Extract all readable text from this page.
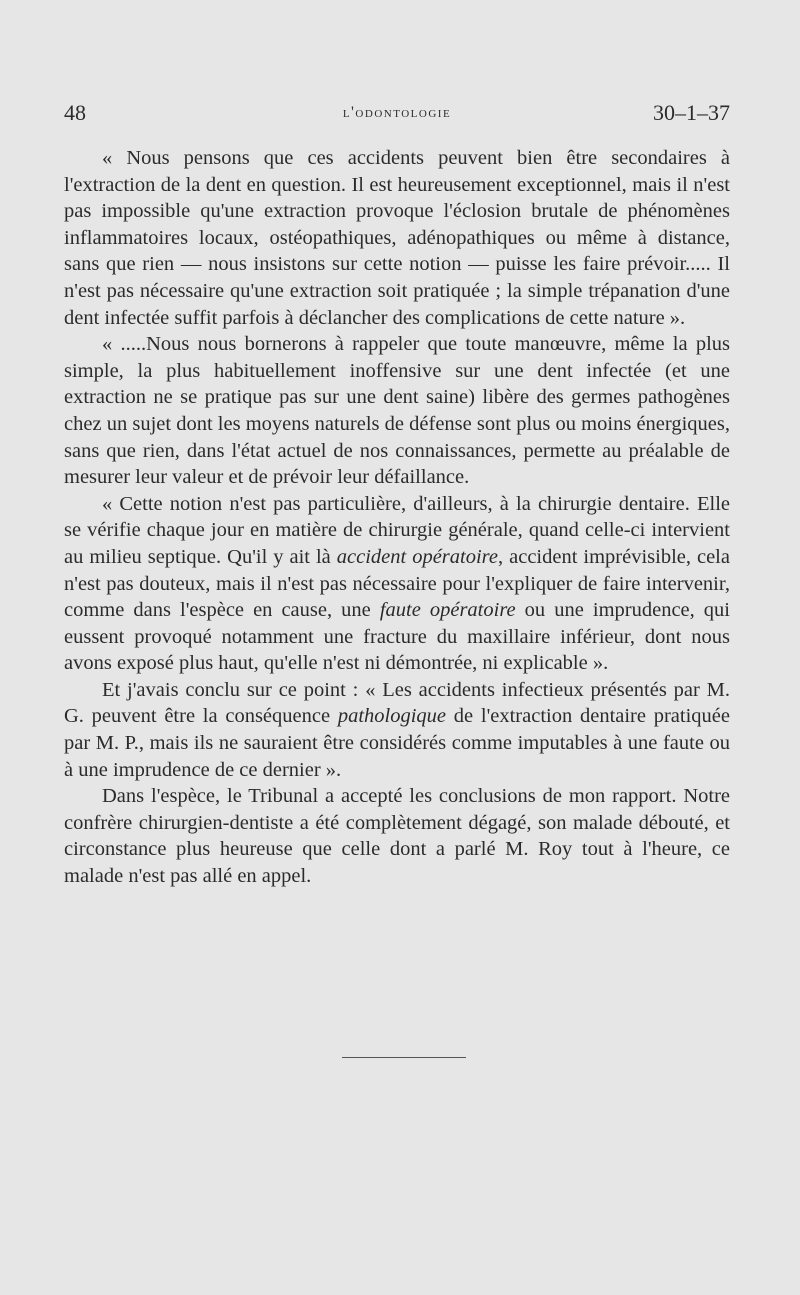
48	l'odontologie	30–1–37

« Nous pensons que ces accidents peuvent bien être secondaires à l'extraction de la dent en question. Il est heureusement exceptionnel, mais il n'est pas impossible qu'une extraction provoque l'éclosion brutale de phénomènes inflammatoires locaux, ostéopathiques, adénopathiques ou même à distance, sans que rien — nous insistons sur cette notion — puisse les faire prévoir..... Il n'est pas nécessaire qu'une extraction soit pratiquée ; la simple trépanation d'une dent infectée suffit parfois à déclancher des complications de cette nature ».

« .....Nous nous bornerons à rappeler que toute manœuvre, même la plus simple, la plus habituellement inoffensive sur une dent infectée (et une extraction ne se pratique pas sur une dent saine) libère des germes pathogènes chez un sujet dont les moyens naturels de défense sont plus ou moins énergiques, sans que rien, dans l'état actuel de nos connaissances, permette au préalable de mesurer leur valeur et de prévoir leur défaillance.

« Cette notion n'est pas particulière, d'ailleurs, à la chirurgie dentaire. Elle se vérifie chaque jour en matière de chirurgie générale, quand celle-ci intervient au milieu septique. Qu'il y ait là accident opératoire, accident imprévisible, cela n'est pas douteux, mais il n'est pas nécessaire pour l'expliquer de faire intervenir, comme dans l'espèce en cause, une faute opératoire ou une imprudence, qui eussent provoqué notamment une fracture du maxillaire inférieur, dont nous avons exposé plus haut, qu'elle n'est ni démontrée, ni explicable ».

Et j'avais conclu sur ce point : « Les accidents infectieux présentés par M. G. peuvent être la conséquence pathologique de l'extraction dentaire pratiquée par M. P., mais ils ne sauraient être considérés comme imputables à une faute ou à une imprudence de ce dernier ».

Dans l'espèce, le Tribunal a accepté les conclusions de mon rapport. Notre confrère chirurgien-dentiste a été complètement dégagé, son malade débouté, et circonstance plus heureuse que celle dont a parlé M. Roy tout à l'heure, ce malade n'est pas allé en appel.
